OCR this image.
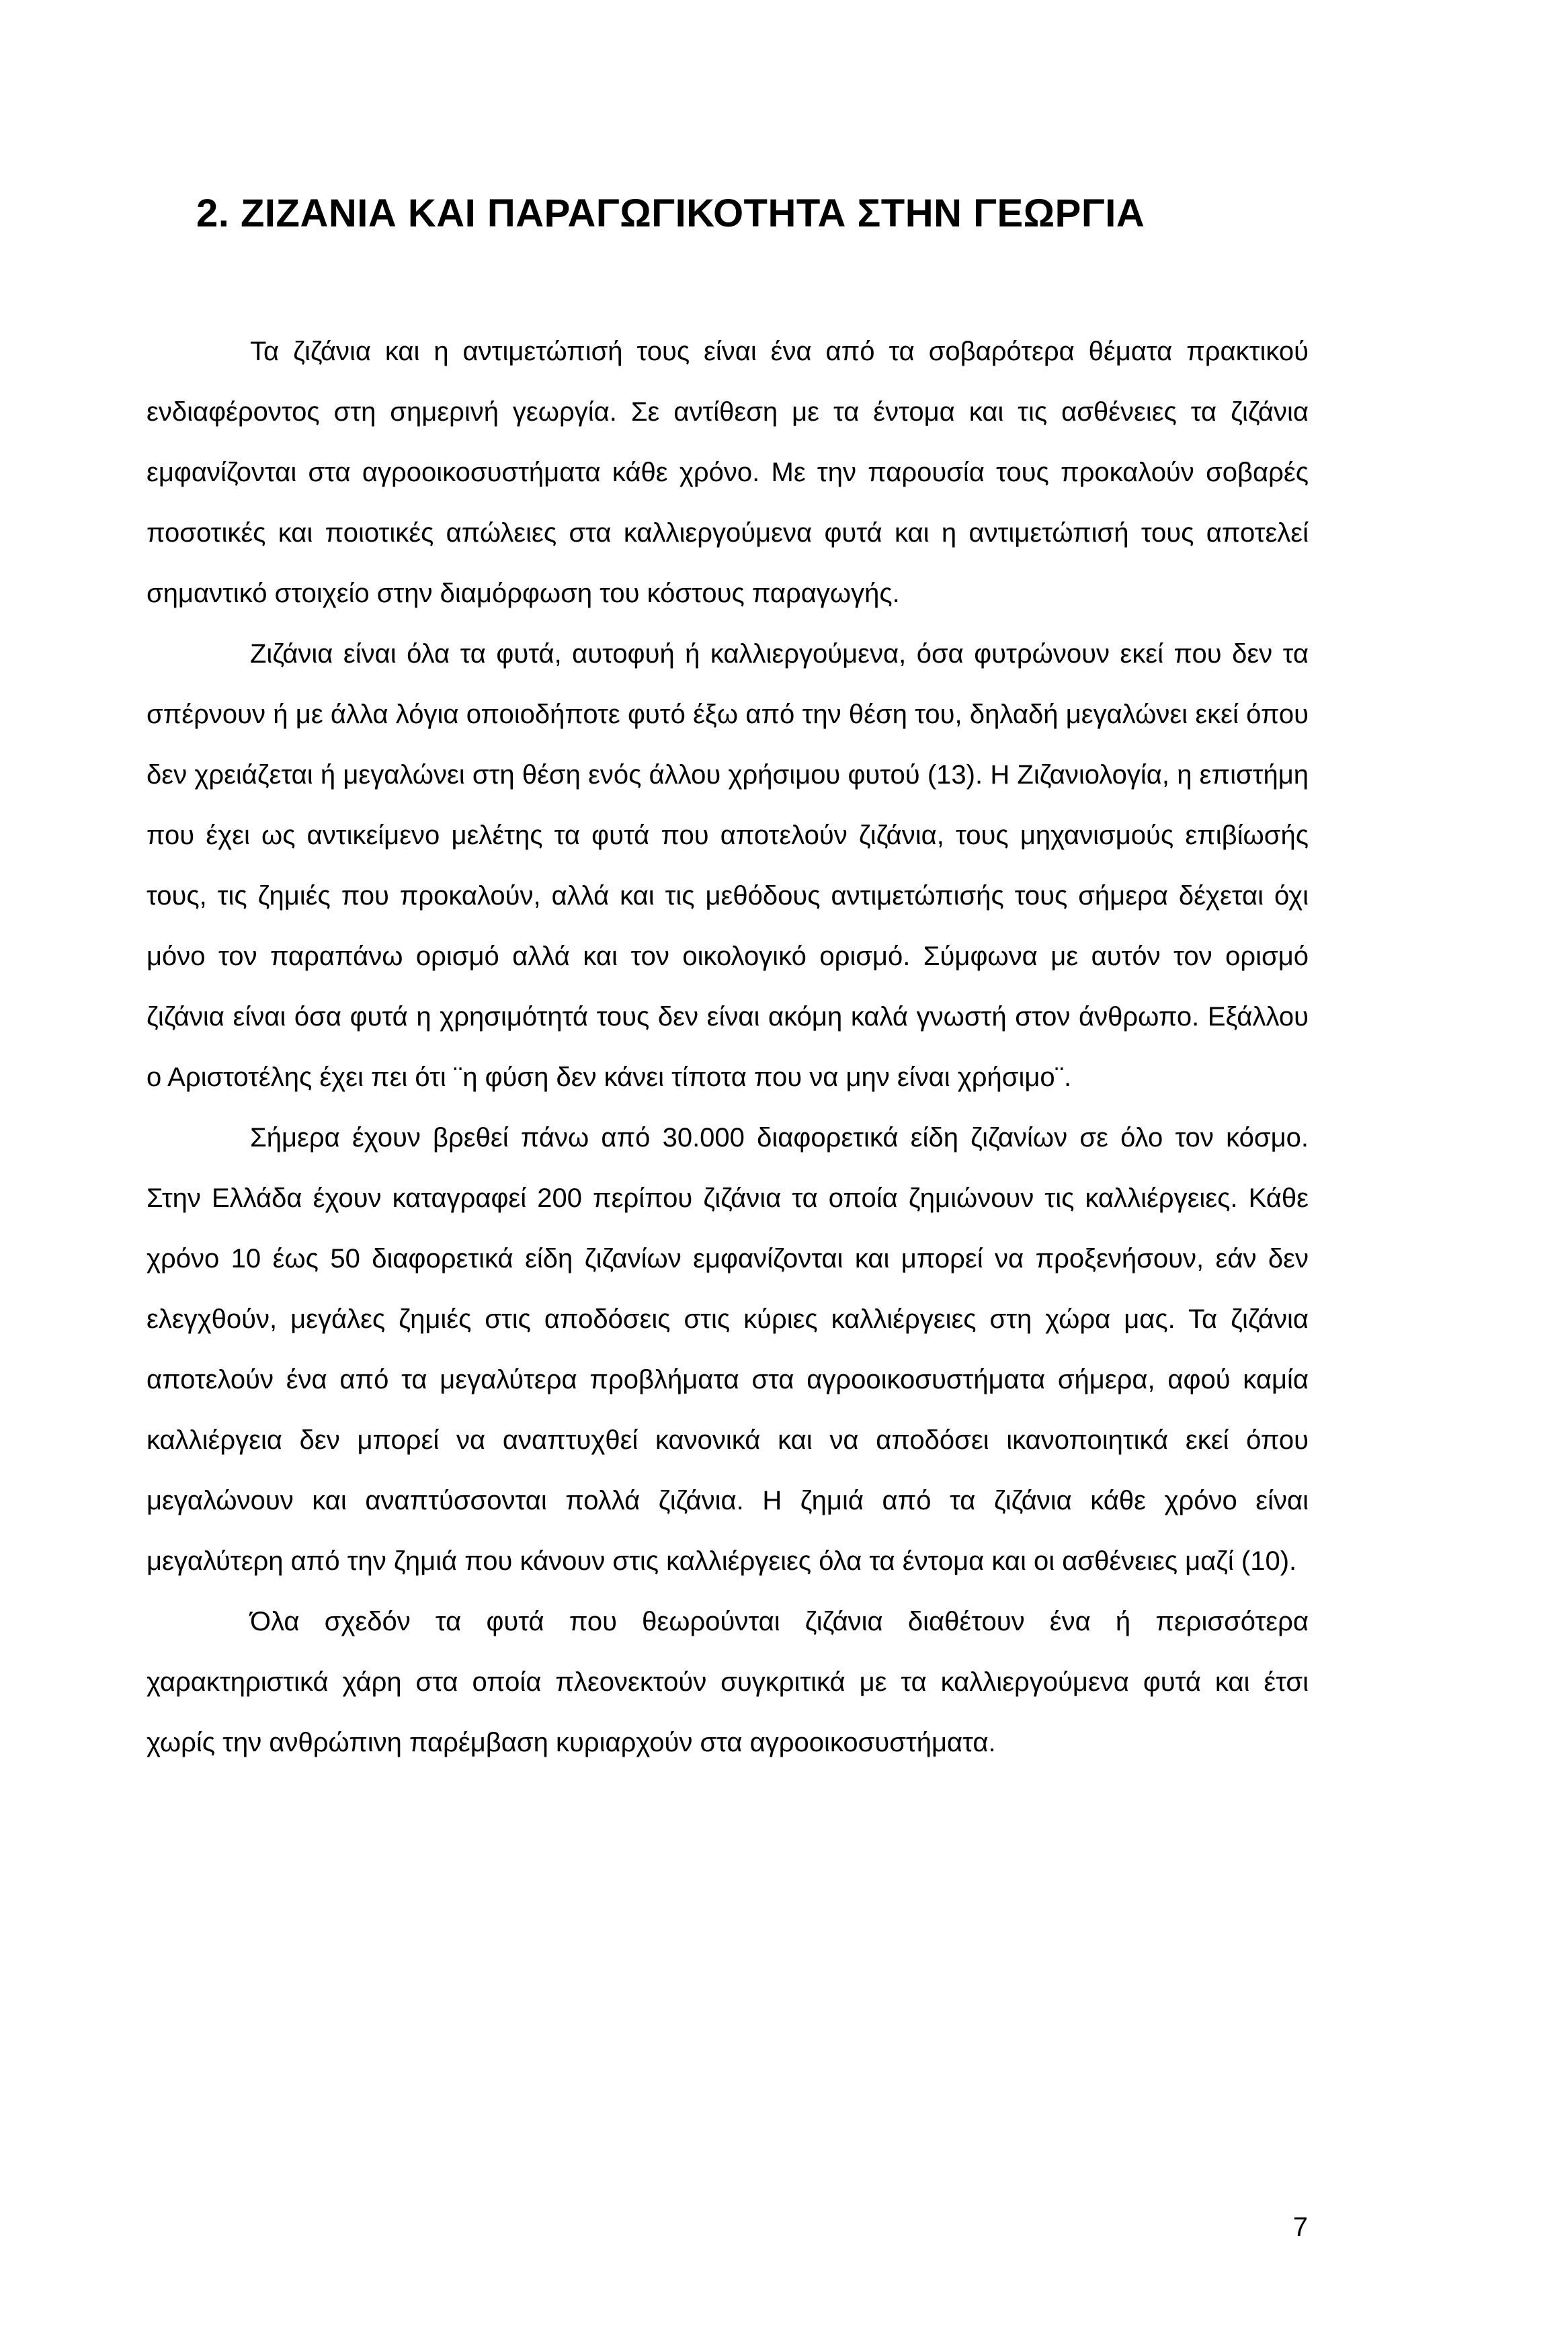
2. ΖΙΖΑΝΙΑ ΚΑΙ ΠΑΡΑΓΩΓΙΚΟΤΗΤΑ ΣΤΗΝ ΓΕΩΡΓΙΑ

Τα ζιζάνια και η αντιμετώπισή τους είναι ένα από τα σοβαρότερα θέματα πρακτικού ενδιαφέροντος στη σημερινή γεωργία. Σε αντίθεση με τα έντομα και τις ασθένειες τα ζιζάνια εμφανίζονται στα αγροοικοσυστήματα κάθε χρόνο. Με την παρουσία τους προκαλούν σοβαρές ποσοτικές και ποιοτικές απώλειες στα καλλιεργούμενα φυτά και η αντιμετώπισή τους αποτελεί σημαντικό στοιχείο στην διαμόρφωση του κόστους παραγωγής.

Ζιζάνια είναι όλα τα φυτά, αυτοφυή ή καλλιεργούμενα, όσα φυτρώνουν εκεί που δεν τα σπέρνουν ή με άλλα λόγια οποιοδήποτε φυτό έξω από την θέση του, δηλαδή μεγαλώνει εκεί όπου δεν χρειάζεται ή μεγαλώνει στη θέση ενός άλλου χρήσιμου φυτού (13). Η Ζιζανιολογία, η επιστήμη που έχει ως αντικείμενο μελέτης τα φυτά που αποτελούν ζιζάνια, τους μηχανισμούς επιβίωσής τους, τις ζημιές που προκαλούν, αλλά και τις μεθόδους αντιμετώπισής τους σήμερα δέχεται όχι μόνο τον παραπάνω ορισμό αλλά και τον οικολογικό ορισμό. Σύμφωνα με αυτόν τον ορισμό ζιζάνια είναι όσα φυτά η χρησιμότητά τους δεν είναι ακόμη καλά γνωστή στον άνθρωπο. Εξάλλου ο Αριστοτέλης έχει πει ότι ¨η φύση δεν κάνει τίποτα που να μην είναι χρήσιμο¨.

Σήμερα έχουν βρεθεί πάνω από 30.000 διαφορετικά είδη ζιζανίων σε όλο τον κόσμο. Στην Ελλάδα έχουν καταγραφεί 200 περίπου ζιζάνια τα οποία ζημιώνουν τις καλλιέργειες. Κάθε χρόνο 10 έως 50 διαφορετικά είδη ζιζανίων εμφανίζονται και μπορεί να προξενήσουν, εάν δεν ελεγχθούν, μεγάλες ζημιές στις αποδόσεις στις κύριες καλλιέργειες στη χώρα μας. Τα ζιζάνια αποτελούν ένα από τα μεγαλύτερα προβλήματα στα αγροοικοσυστήματα σήμερα, αφού καμία καλλιέργεια δεν μπορεί να αναπτυχθεί κανονικά και να αποδόσει ικανοποιητικά εκεί όπου μεγαλώνουν και αναπτύσσονται πολλά ζιζάνια. Η ζημιά από τα ζιζάνια κάθε χρόνο είναι μεγαλύτερη από την ζημιά που κάνουν στις καλλιέργειες όλα τα έντομα και οι ασθένειες μαζί (10).

Όλα σχεδόν τα φυτά που θεωρούνται ζιζάνια διαθέτουν ένα ή περισσότερα χαρακτηριστικά χάρη στα οποία πλεονεκτούν συγκριτικά με τα καλλιεργούμενα φυτά και έτσι χωρίς την ανθρώπινη παρέμβαση κυριαρχούν στα αγροοικοσυστήματα.

7
